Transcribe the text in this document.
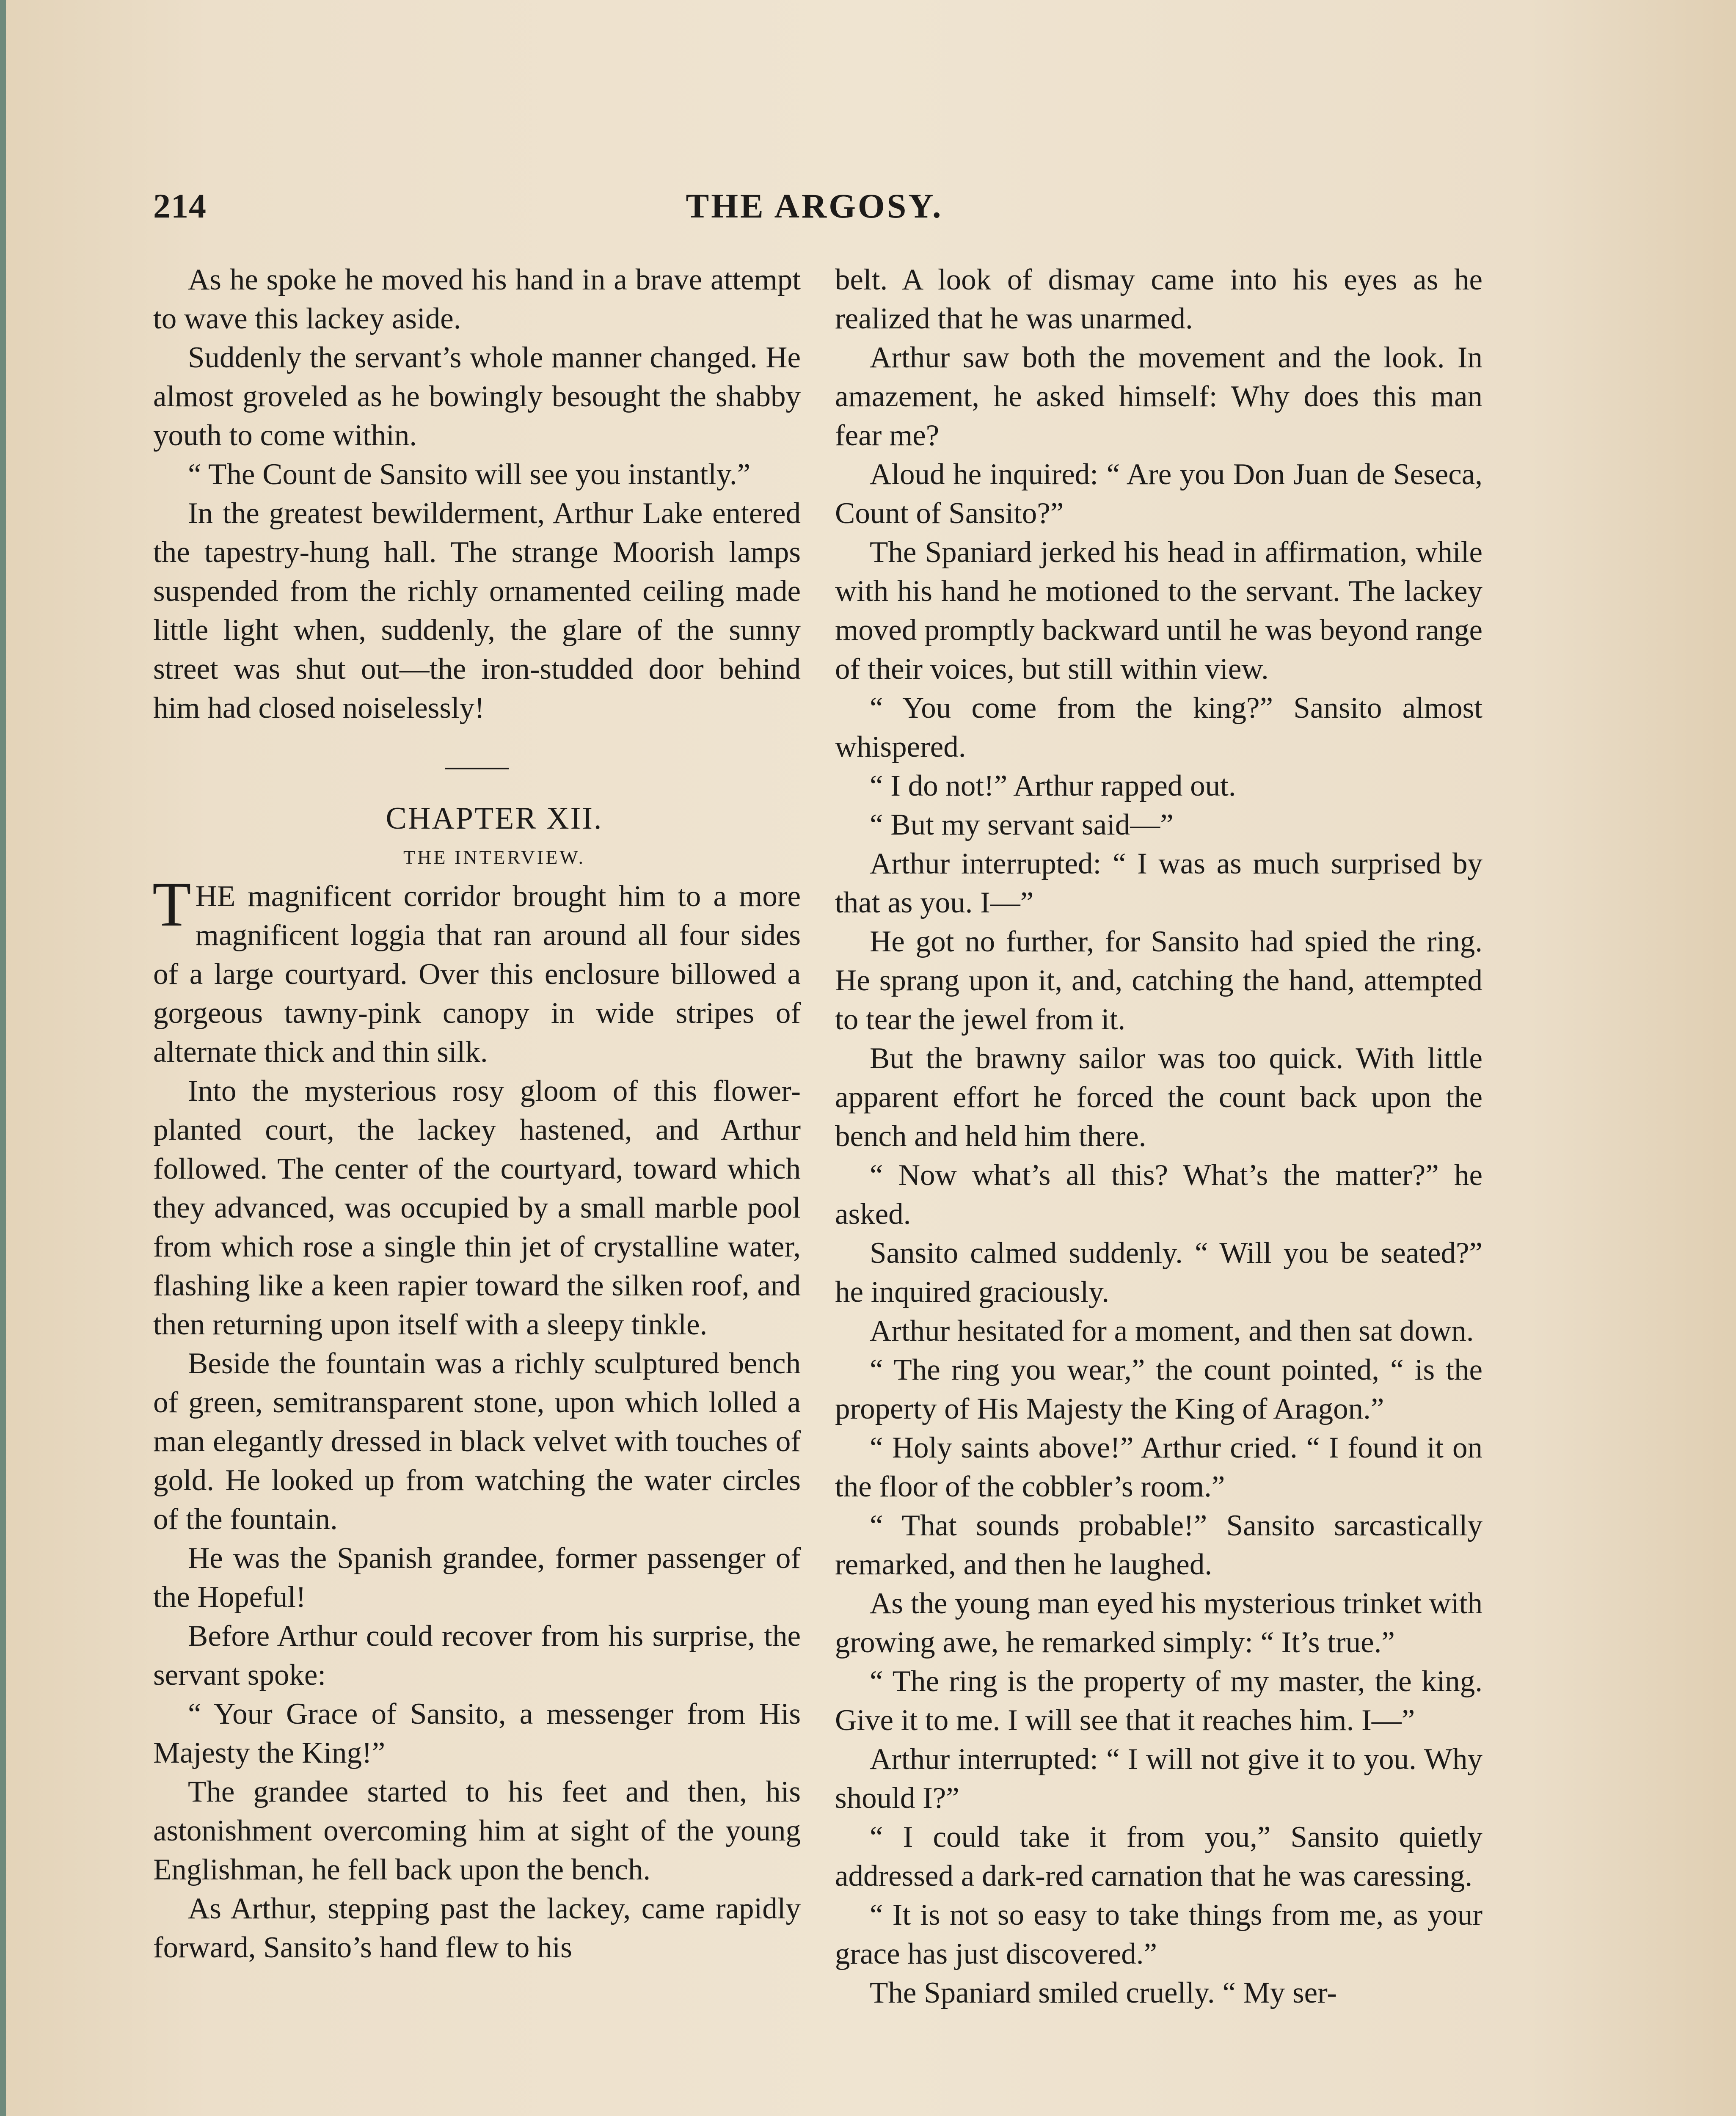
THE ARGOSY.
214

As he spoke he moved his hand in a brave attempt to wave this lackey aside.

Suddenly the servant’s whole manner changed. He almost groveled as he bowingly besought the shabby youth to come within.

“ The Count de Sansito will see you instantly.”

In the greatest bewilderment, Arthur Lake entered the tapestry-hung hall. The strange Moorish lamps suspended from the richly ornamented ceiling made little light when, suddenly, the glare of the sunny street was shut out—the iron-studded door behind him had closed noiselessly!

CHAPTER XII.

THE INTERVIEW.

THE magnificent corridor brought him to a more magnificent loggia that ran around all four sides of a large courtyard. Over this enclosure billowed a gorgeous tawny-pink canopy in wide stripes of alternate thick and thin silk.

Into the mysterious rosy gloom of this flower-planted court, the lackey hastened, and Arthur followed. The center of the courtyard, toward which they advanced, was occupied by a small marble pool from which rose a single thin jet of crystalline water, flashing like a keen rapier toward the silken roof, and then returning upon itself with a sleepy tinkle.

Beside the fountain was a richly sculptured bench of green, semitransparent stone, upon which lolled a man elegantly dressed in black velvet with touches of gold. He looked up from watching the water circles of the fountain.

He was the Spanish grandee, former passenger of the Hopeful!

Before Arthur could recover from his surprise, the servant spoke:

“ Your Grace of Sansito, a messenger from His Majesty the King!”

The grandee started to his feet and then, his astonishment overcoming him at sight of the young Englishman, he fell back upon the bench.

As Arthur, stepping past the lackey, came rapidly forward, Sansito’s hand flew to his

belt. A look of dismay came into his eyes as he realized that he was unarmed.

Arthur saw both the movement and the look. In amazement, he asked himself: Why does this man fear me?

Aloud he inquired: “ Are you Don Juan de Seseca, Count of Sansito?”

The Spaniard jerked his head in affirmation, while with his hand he motioned to the servant. The lackey moved promptly backward until he was beyond range of their voices, but still within view.

“ You come from the king?” Sansito almost whispered.

“ I do not!” Arthur rapped out.

“ But my servant said—”

Arthur interrupted: “ I was as much surprised by that as you. I—”

He got no further, for Sansito had spied the ring. He sprang upon it, and, catching the hand, attempted to tear the jewel from it.

But the brawny sailor was too quick. With little apparent effort he forced the count back upon the bench and held him there.

“ Now what’s all this? What’s the matter?” he asked.

Sansito calmed suddenly. “ Will you be seated?” he inquired graciously.

Arthur hesitated for a moment, and then sat down.

“ The ring you wear,” the count pointed, “ is the property of His Majesty the King of Aragon.”

“ Holy saints above!” Arthur cried. “ I found it on the floor of the cobbler’s room.”

“ That sounds probable!” Sansito sarcastically remarked, and then he laughed.

As the young man eyed his mysterious trinket with growing awe, he remarked simply: “ It’s true.”

“ The ring is the property of my master, the king. Give it to me. I will see that it reaches him. I—”

Arthur interrupted: “ I will not give it to you. Why should I?”

“ I could take it from you,” Sansito quietly addressed a dark-red carnation that he was caressing.

“ It is not so easy to take things from me, as your grace has just discovered.”

The Spaniard smiled cruelly. “ My ser-
